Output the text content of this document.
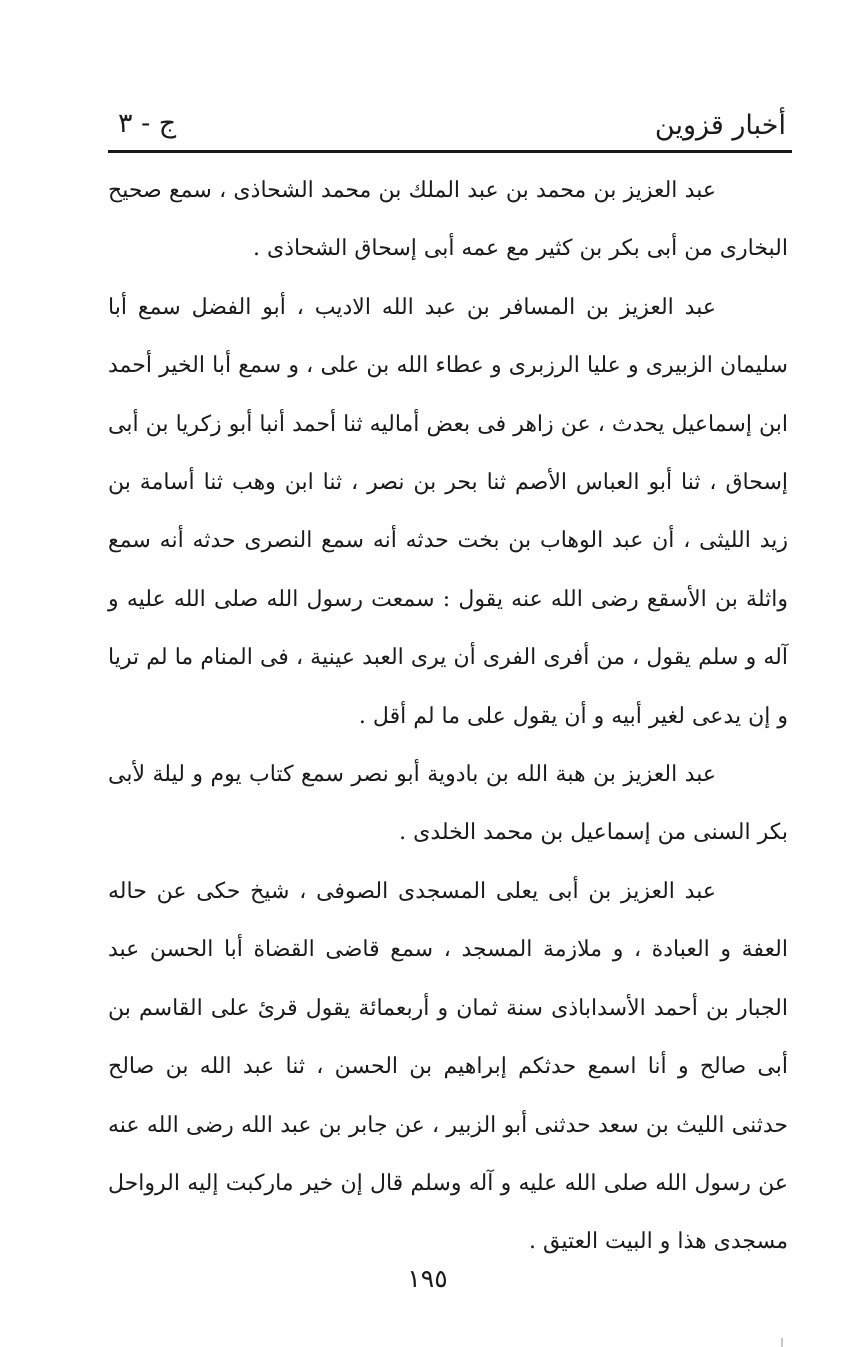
أخبار قزوين
ج - ٣

عبد العزيز بن محمد بن عبد الملك بن محمد الشحاذى ، سمع صحيح البخارى من أبى بكر بن كثير مع عمه أبى إسحاق الشحاذى .

عبد العزيز بن المسافر بن عبد الله الاديب ، أبو الفضل سمع أبا سليمان الزبيرى و عليا الرزبرى و عطاء الله بن على ، و سمع أبا الخير أحمد ابن إسماعيل يحدث ، عن زاهر فى بعض أماليه ثنا أحمد أنبا أبو زكريا بن أبى إسحاق ، ثنا أبو العباس الأصم ثنا بحر بن نصر ، ثنا ابن وهب ثنا أسامة بن زيد الليثى ، أن عبد الوهاب بن بخت حدثه أنه سمع النصرى حدثه أنه سمع واثلة بن الأسقع رضى الله عنه يقول : سمعت رسول الله صلى الله عليه و آله و سلم يقول ، من أفرى الفرى أن يرى العبد عينية ، فى المنام ما لم تريا و إن يدعى لغير أبيه و أن يقول على ما لم أقل .

عبد العزيز بن هبة الله بن بادوية أبو نصر سمع كتاب يوم و ليلة لأبى بكر السنى من إسماعيل بن محمد الخلدى .

عبد العزيز بن أبى يعلى المسجدى الصوفى ، شيخ حكى عن حاله العفة و العبادة ، و ملازمة المسجد ، سمع قاضى القضاة أبا الحسن عبد الجبار بن أحمد الأسداباذى سنة ثمان و أربعمائة يقول قرئ على القاسم بن أبى صالح و أنا اسمع حدثكم إبراهيم بن الحسن ، ثنا عبد الله بن صالح حدثنى الليث بن سعد حدثنى أبو الزبير ، عن جابر بن عبد الله رضى الله عنه عن رسول الله صلى الله عليه و آله وسلم قال إن خير ماركبت إليه الرواحل مسجدى هذا و البيت العتيق .

١٩٥
